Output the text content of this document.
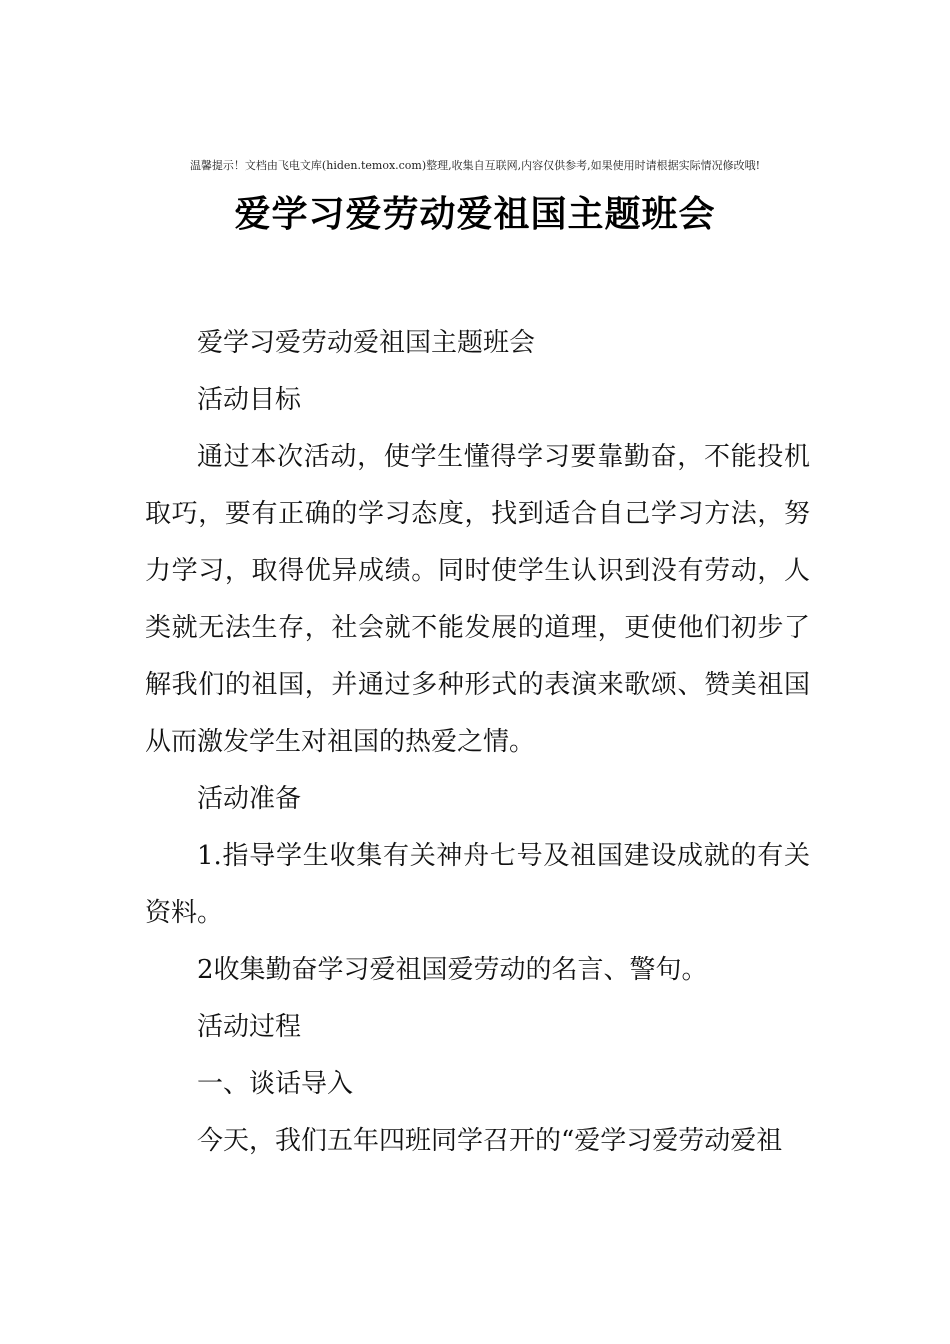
温馨提示！文档由飞电文库(hiden.temox.com)整理,收集自互联网,内容仅供参考,如果使用时请根据实际情况修改哦!
爱学习爱劳动爱祖国主题班会

爱学习爱劳动爱祖国主题班会

活动目标

通过本次活动，使学生懂得学习要靠勤奋，不能投机取巧，要有正确的学习态度，找到适合自己学习方法，努力学习，取得优异成绩。同时使学生认识到没有劳动，人类就无法生存，社会就不能发展的道理，更使他们初步了解我们的祖国，并通过多种形式的表演来歌颂、赞美祖国从而激发学生对祖国的热爱之情。

活动准备

1.指导学生收集有关神舟七号及祖国建设成就的有关资料。

2收集勤奋学习爱祖国爱劳动的名言、警句。

活动过程

一、谈话导入

今天，我们五年四班同学召开的“爱学习爱劳动爱祖
